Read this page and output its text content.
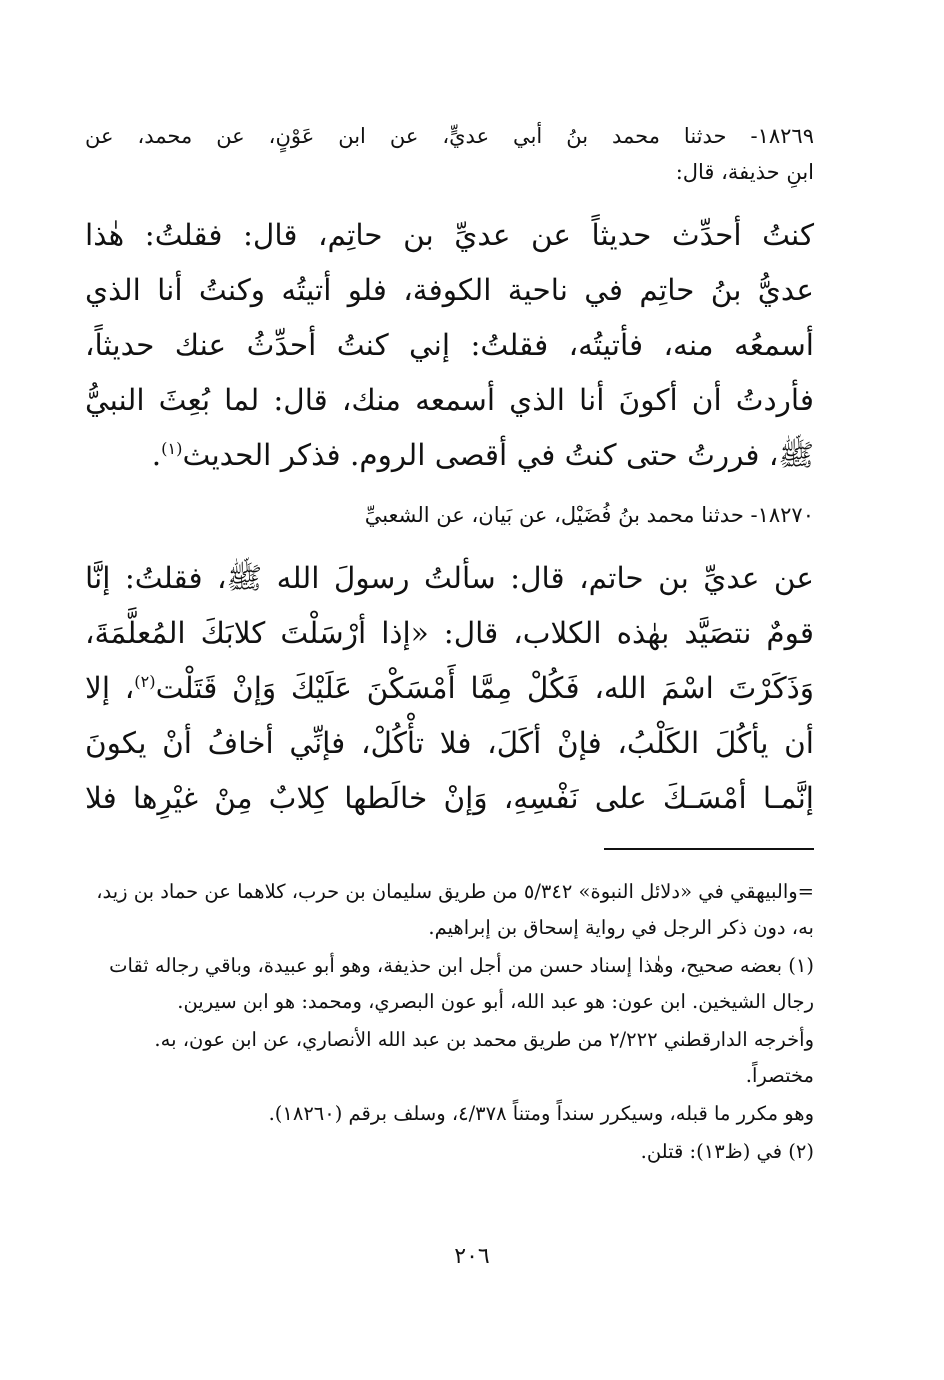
١٨٢٦٩- حدثنا محمد بنُ أبي عديٍّ، عن ابن عَوْنٍ، عن محمد، عن
ابنِ حذيفة، قال:
كنتُ أحدِّث حديثاً عن عديِّ بن حاتِم، قال: فقلتُ: هٰذا
عديُّ بنُ حاتِم في ناحية الكوفة، فلو أتيتُه وكنتُ أنا الذي
أسمعُه منه، فأتيتُه، فقلتُ: إني كنتُ أحدِّثُ عنك حديثاً،
فأردتُ أن أكونَ أنا الذي أسمعه منك، قال: لما بُعِثَ النبيُّ
ﷺ، فررتُ حتى كنتُ في أقصى الروم. فذكر الحديث$^{(١)}$.
١٨٢٧٠- حدثنا محمد بنُ فُضَيْل، عن بَيان، عن الشعبيِّ
عن عديِّ بن حاتم، قال: سألتُ رسولَ الله ﷺ، فقلتُ: إنَّا
قومٌ نتصَيَّد بهٰذه الكلاب، قال: «إذا أرْسَلْتَ كلابَكَ المُعلَّمَةَ،
وَذَكَرْتَ اسْمَ الله، فَكُلْ مِمَّا أَمْسَكْنَ عَلَيْكَ وَإنْ قَتَلْت$^{(٢)}$، إلا
أن يأكُلَ الكَلْبُ، فإنْ أكَلَ، فلا تأْكُلْ، فإنِّي أخافُ أنْ يكونَ
إنَّمـا أمْسَـكَ على نَفْسِهِ، وَإنْ خالَطها كِلابٌ مِنْ غيْرِها فلا

=والبيهقي في «دلائل النبوة» ٥/٣٤٢ من طريق سليمان بن حرب، كلاهما عن حماد بن زيد، به، دون ذكر الرجل في رواية إسحاق بن إبراهيم.

(١) بعضه صحيح، وهٰذا إسناد حسن من أجل ابن حذيفة، وهو أبو عبيدة، وباقي رجاله ثقات رجال الشيخين. ابن عون: هو عبد الله، أبو عون البصري، ومحمد: هو ابن سيرين.

وأخرجه الدارقطني ٢/٢٢٢ من طريق محمد بن عبد الله الأنصاري، عن ابن عون، به. مختصراً.

وهو مكرر ما قبله، وسيكرر سنداً ومتناً ٤/٣٧٨، وسلف برقم (١٨٢٦٠).

(٢) في (ظ١٣): قتلن.

٢٠٦
